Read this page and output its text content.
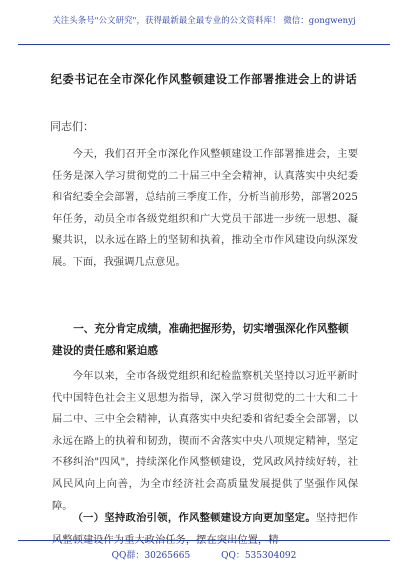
关注头条号"公文研究"，获得最新最全最专业的公文资料库！ 微信：gongwenyj
纪委书记在全市深化作风整顿建设工作部署推进会上的讲话
同志们：

今天，我们召开全市深化作风整顿建设工作部署推进会，主要任务是深入学习贯彻党的二十届三中全会精神，认真落实中央纪委和省纪委全会部署，总结前三季度工作，分析当前形势，部署2025年任务，动员全市各级党组织和广大党员干部进一步统一思想、凝聚共识，以永远在路上的坚韧和执着，推动全市作风建设向纵深发展。下面，我强调几点意见。

一、充分肯定成绩，准确把握形势，切实增强深化作风整顿建设的责任感和紧迫感

今年以来，全市各级党组织和纪检监察机关坚持以习近平新时代中国特色社会主义思想为指导，深入学习贯彻党的二十大和二十届二中、三中全会精神，认真落实中央纪委和省纪委全会部署，以永远在路上的执着和韧劲，锲而不舍落实中央八项规定精神，坚定不移纠治"四风"，持续深化作风整顿建设，党风政风持续好转，社风民风向上向善，为全市经济社会高质量发展提供了坚强作风保障。

（一）坚持政治引领，作风整顿建设方向更加坚定。坚持把作风整顿建设作为重大政治任务，摆在突出位置，精

QQ群：30265665	QQ：535304092
